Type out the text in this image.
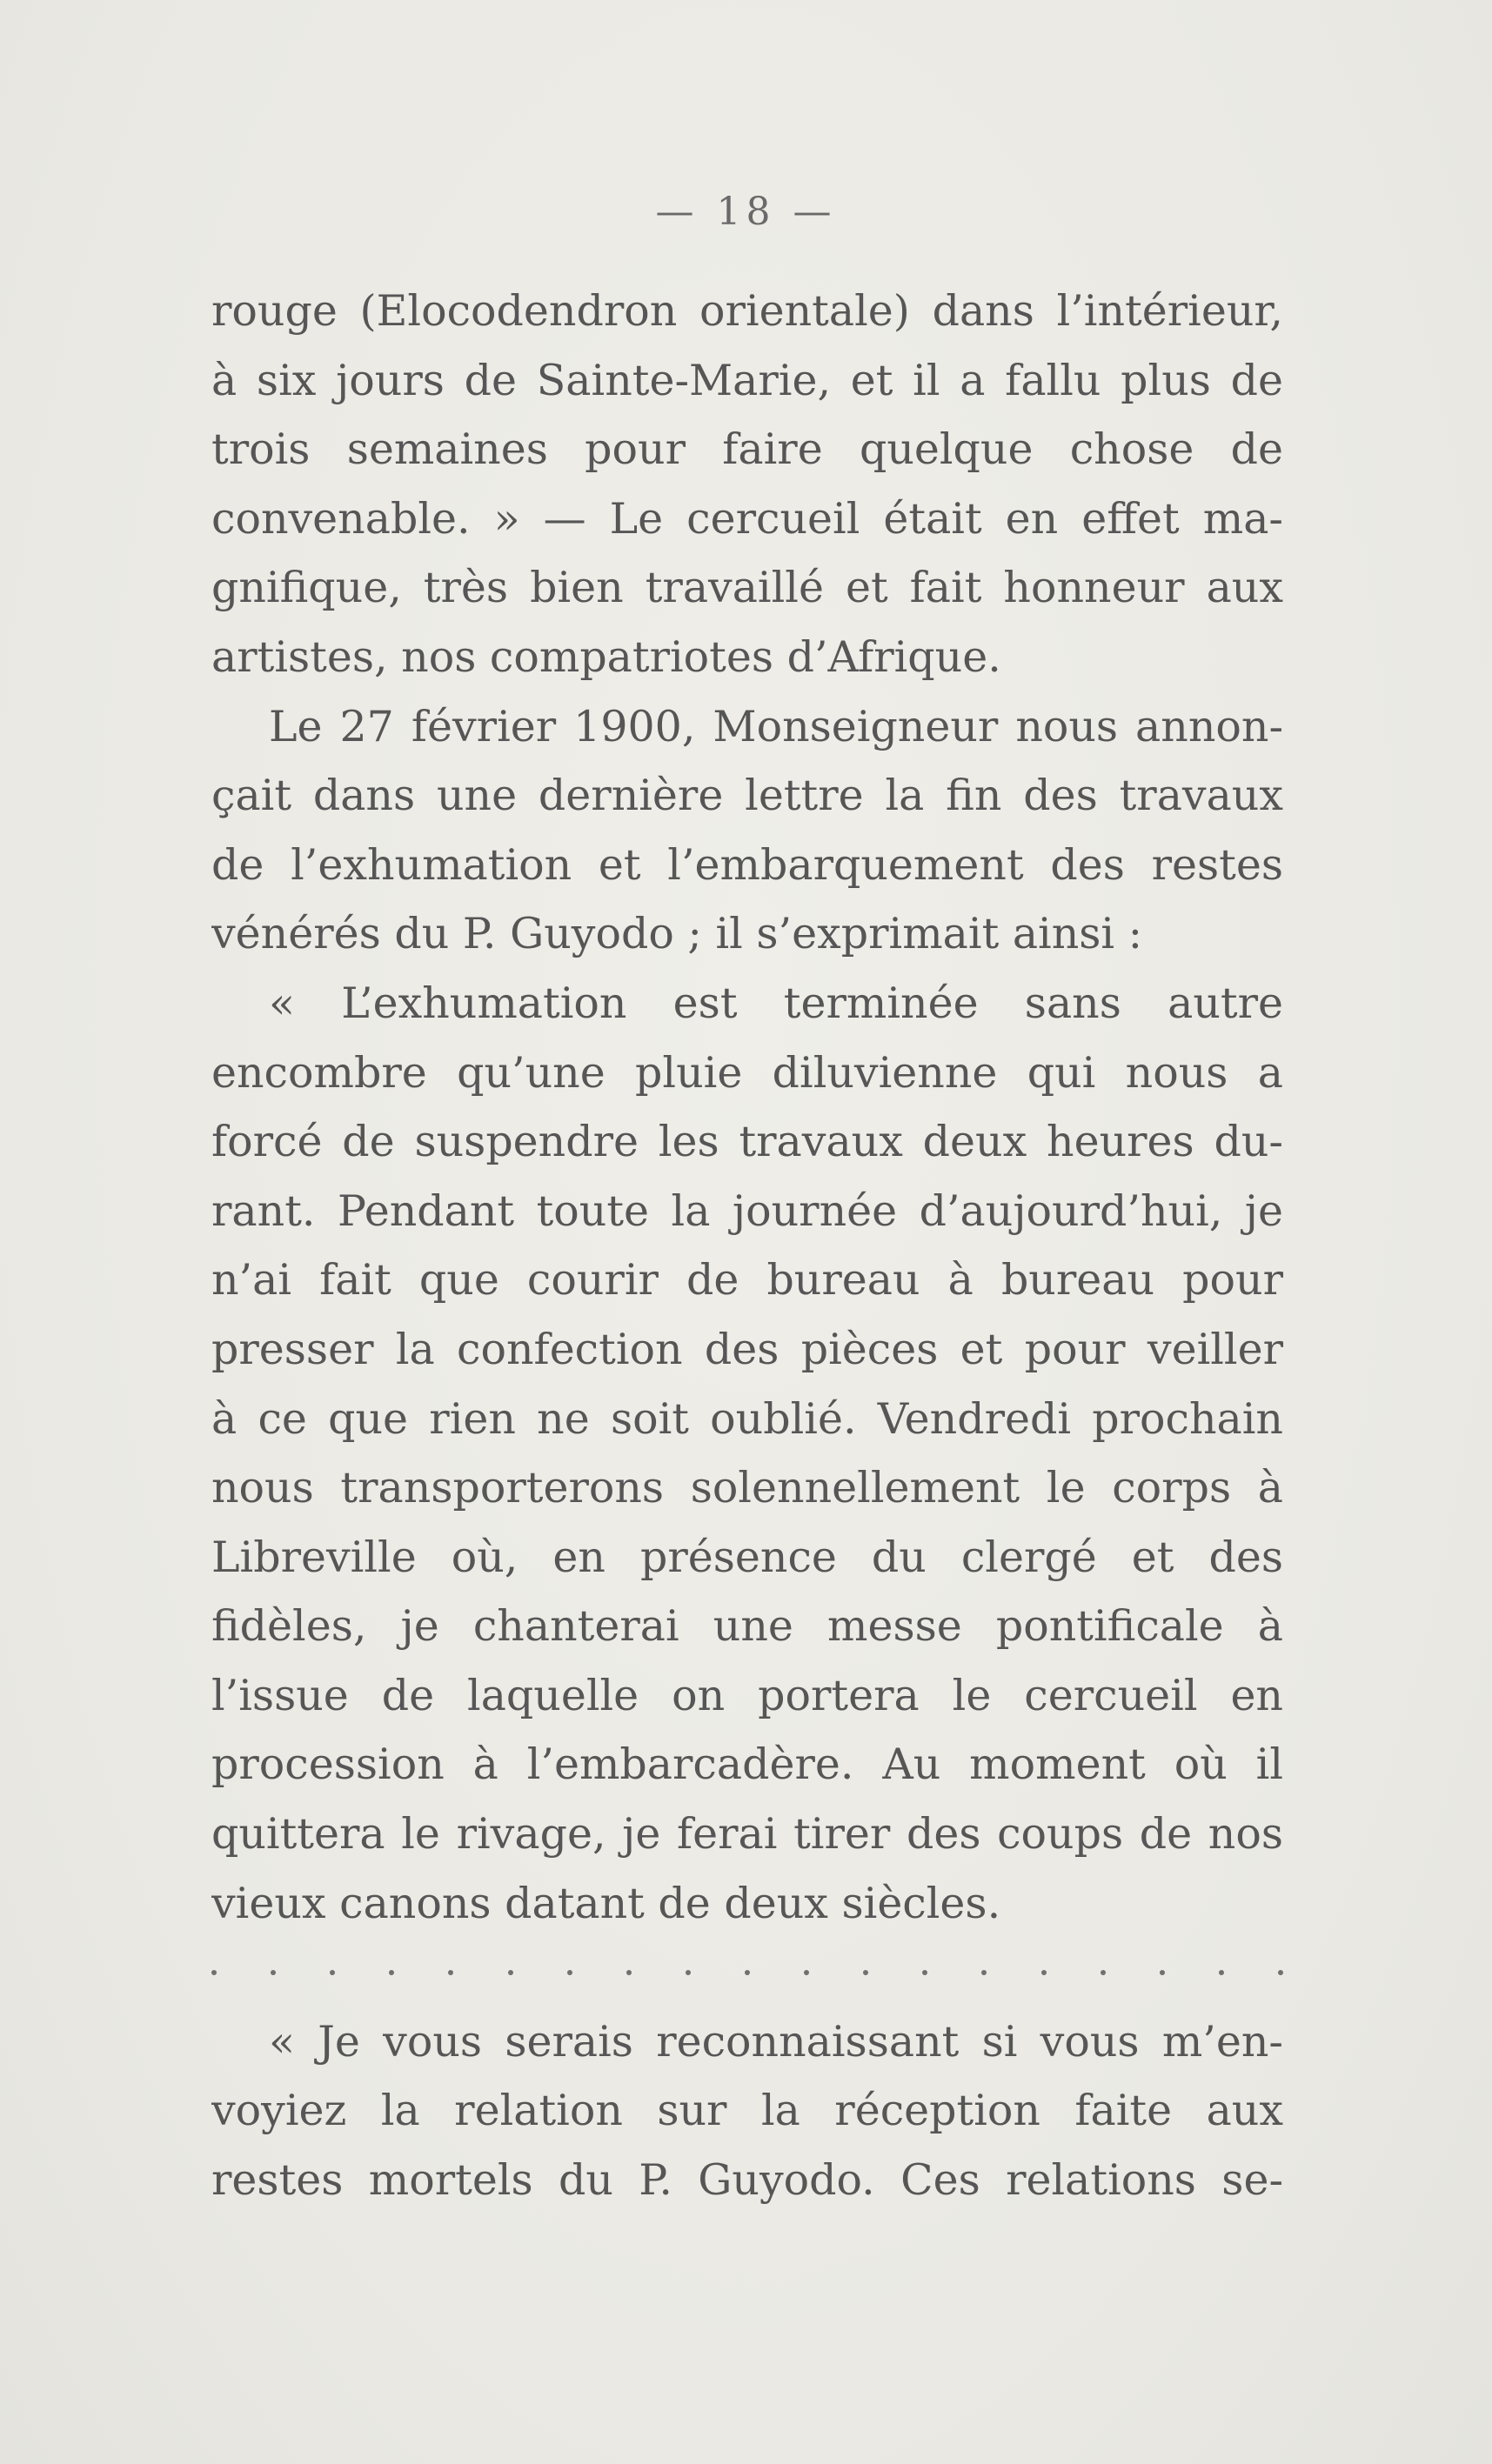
— 18 —
rouge (Elocodendron orientale) dans l’intérieur,
à six jours de Sainte-Marie, et il a fallu plus de
trois semaines pour faire quelque chose de
convenable. » — Le cercueil était en effet ma-
gnifique, très bien travaillé et fait honneur aux
artistes, nos compatriotes d’Afrique.
Le 27 février 1900, Monseigneur nous annon-
çait dans une dernière lettre la fin des travaux
de l’exhumation et l’embarquement des restes
vénérés du P. Guyodo ; il s’exprimait ainsi :
« L’exhumation est terminée sans autre
encombre qu’une pluie diluvienne qui nous a
forcé de suspendre les travaux deux heures du-
rant. Pendant toute la journée d’aujourd’hui, je
n’ai fait que courir de bureau à bureau pour
presser la confection des pièces et pour veiller
à ce que rien ne soit oublié. Vendredi prochain
nous transporterons solennellement le corps à
Libreville où, en présence du clergé et des
fidèles, je chanterai une messe pontificale à
l’issue de laquelle on portera le cercueil en
procession à l’embarcadère. Au moment où il
quittera le rivage, je ferai tirer des coups de nos
vieux canons datant de deux siècles.
« Je vous serais reconnaissant si vous m’en-
voyiez la relation sur la réception faite aux
restes mortels du P. Guyodo. Ces relations se-
